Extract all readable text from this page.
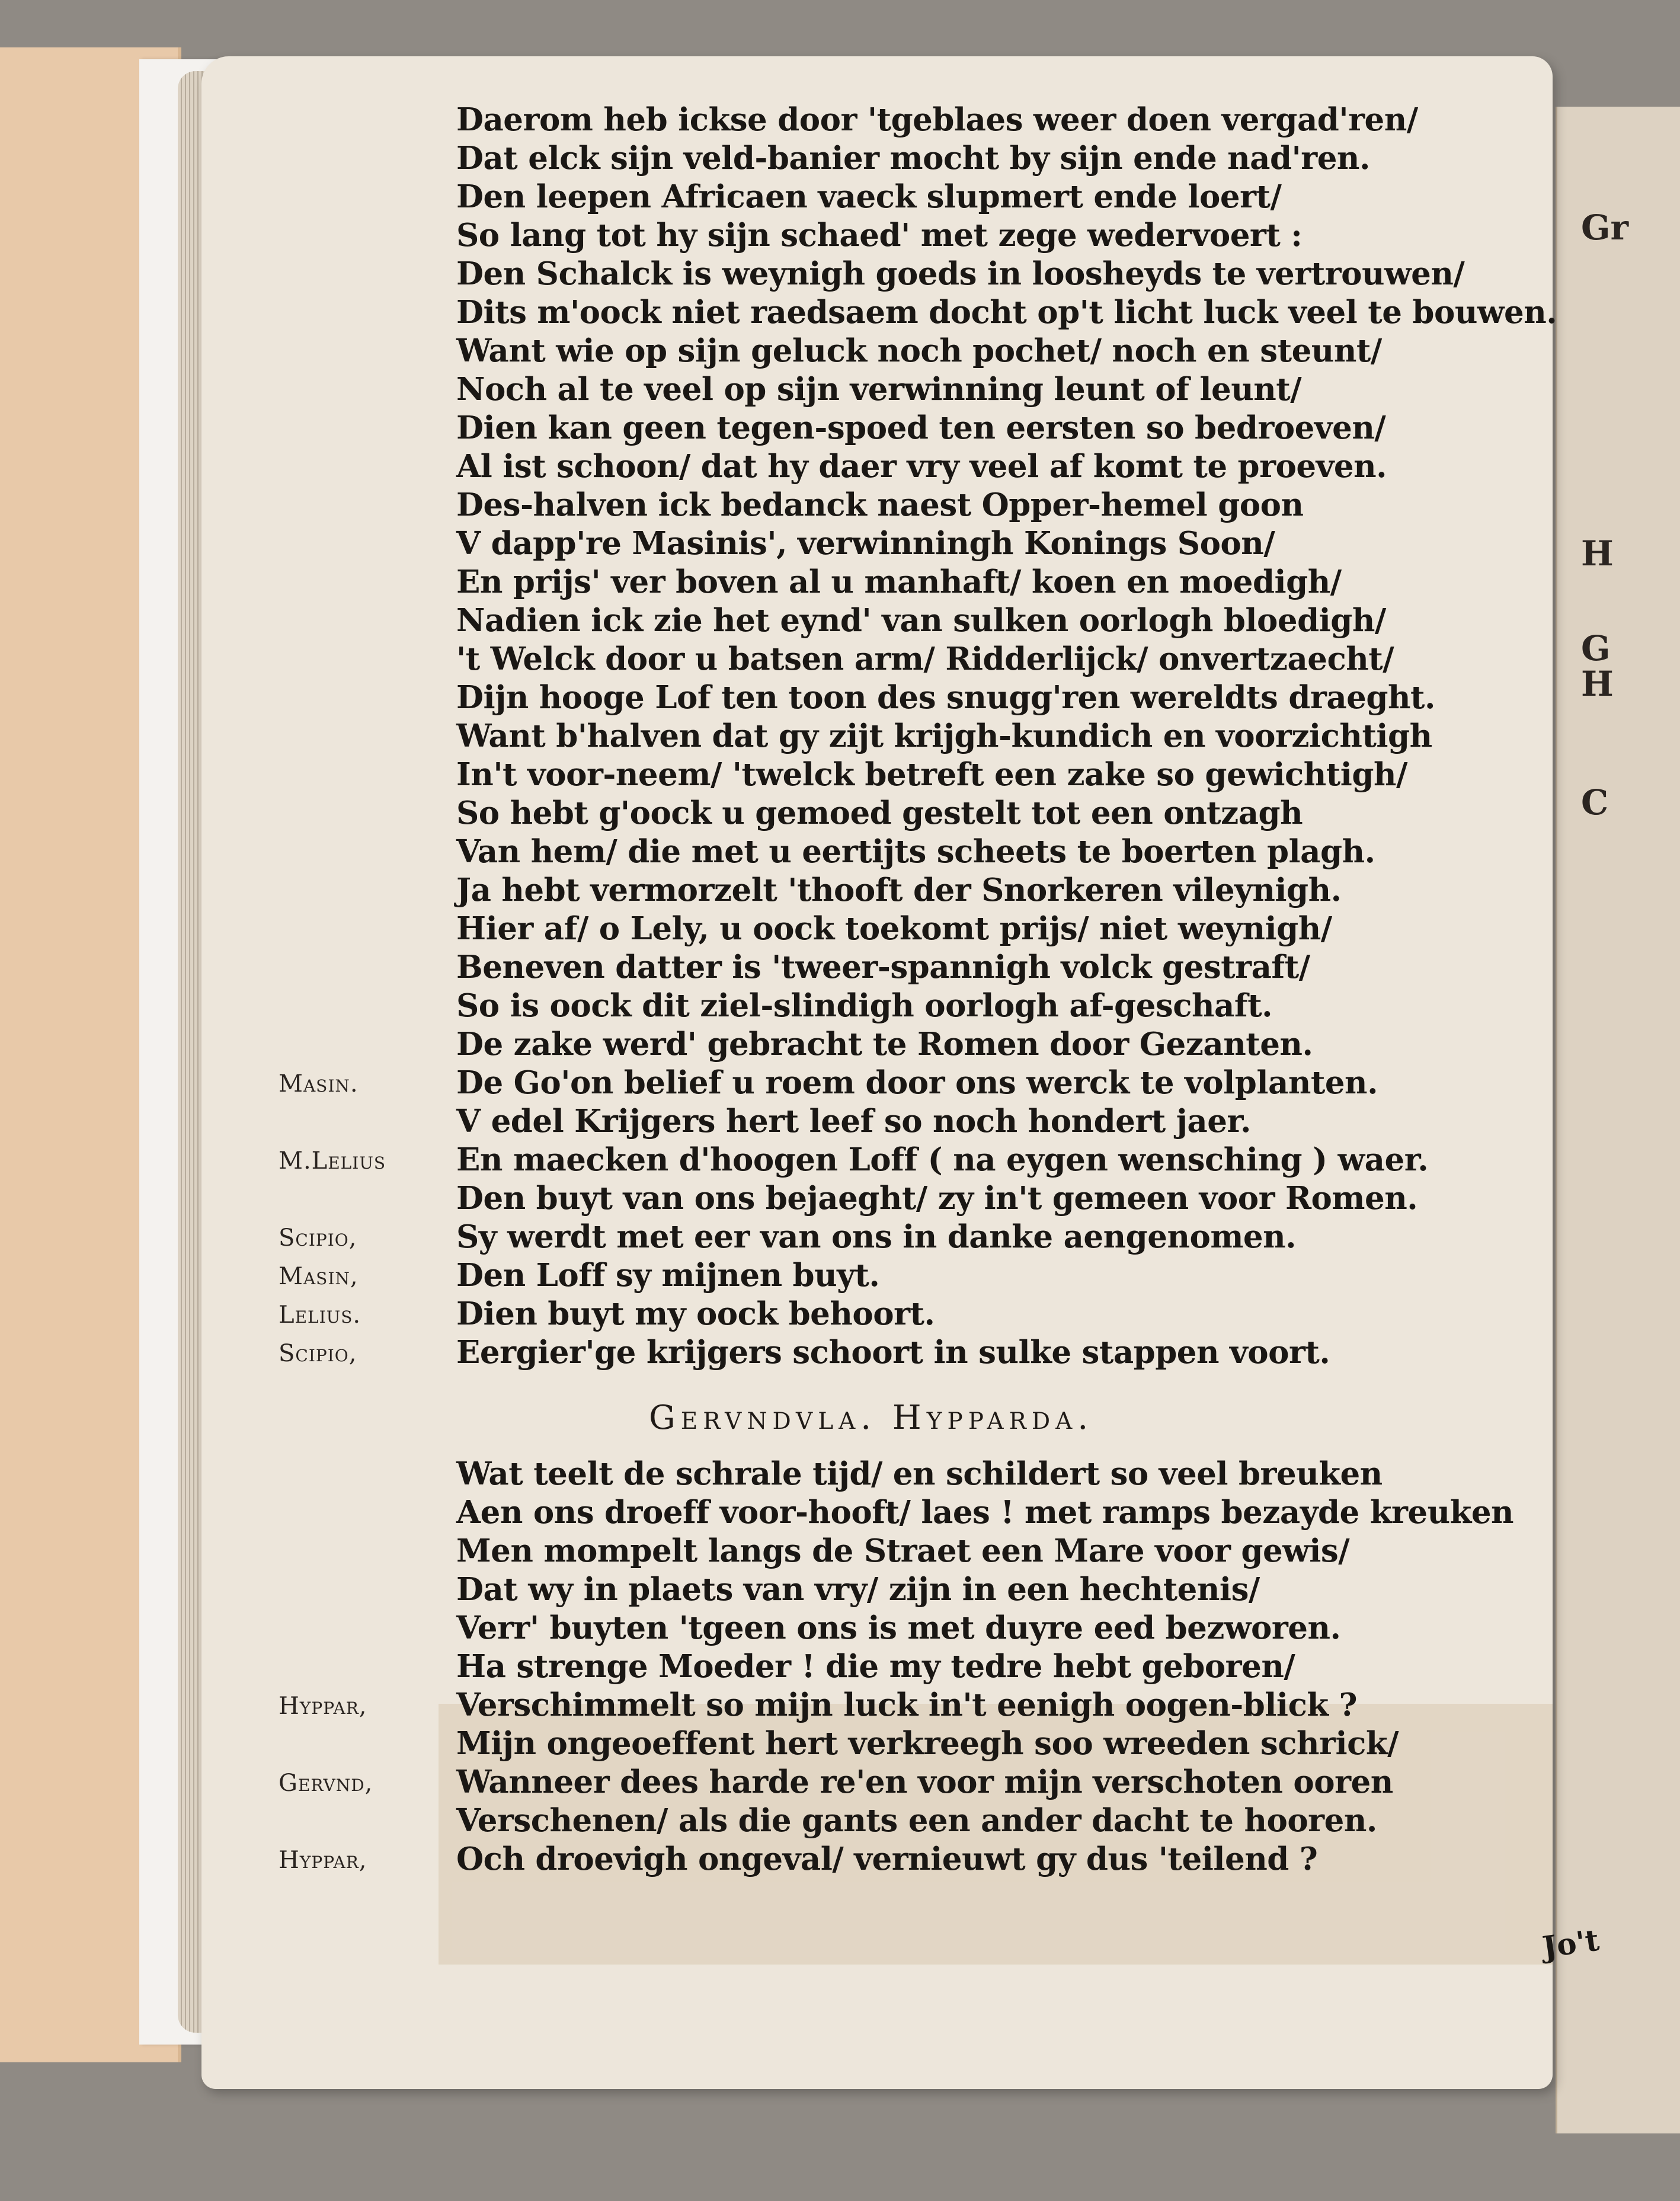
Gr
H
G
H
C
Daerom heb ickse door 'tgeblaes weer doen vergad'ren/
Dat elck sijn veld-banier mocht by sijn ende nad'ren.
Den leepen Africaen vaeck slupmert ende loert/
So lang tot hy sijn schaed' met zege wedervoert :
Den Schalck is weynigh goeds in loosheyds te vertrouwen/
Dits m'oock niet raedsaem docht op't licht luck veel te bouwen.
Want wie op sijn geluck noch pochet/ noch en steunt/
Noch al te veel op sijn verwinning leunt of leunt/
Dien kan geen tegen-spoed ten eersten so bedroeven/
Al ist schoon/ dat hy daer vry veel af komt te proeven.
Des-halven ick bedanck naest Opper-hemel goon
V dapp're Masinis', verwinningh Konings Soon/
En prijs' ver boven al u manhaft/ koen en moedigh/
Nadien ick zie het eynd' van sulken oorlogh bloedigh/
't Welck door u batsen arm/ Ridderlijck/ onvertzaecht/
Dijn hooge Lof ten toon des snugg'ren wereldts draeght.
Want b'halven dat gy zijt krijgh-kundich en voorzichtigh
In't voor-neem/ 'twelck betreft een zake so gewichtigh/
So hebt g'oock u gemoed gestelt tot een ontzagh
Van hem/ die met u eertijts scheets te boerten plagh.
Ja hebt vermorzelt 'thooft der Snorkeren vileynigh.
Hier af/ o Lely, u oock toekomt prijs/ niet weynigh/
Beneven datter is 'tweer-spannigh volck gestraft/
So is oock dit ziel-slindigh oorlogh af-geschaft.
De zake werd' gebracht te Romen door Gezanten.
Masin.	De Go'on belief u roem door ons werck te volplanten.
V edel Krijgers hert leef so noch hondert jaer.
M.Lelius	En maecken d'hoogen Loff ( na eygen wensching ) waer.
Den buyt van ons bejaeght/ zy in't gemeen voor Romen.
Scipio,	Sy werdt met eer van ons in danke aengenomen.
Masin,	Den Loff sy mijnen buyt.
Lelius.	Dien buyt my oock behoort.
Scipio,	Eergier'ge krijgers schoort in sulke stappen voort.
Gervndvla. Hypparda.
Wat teelt de schrale tijd/ en schildert so veel breuken
Aen ons droeff voor-hooft/ laes ! met ramps bezayde kreuken
Men mompelt langs de Straet een Mare voor gewis/
Dat wy in plaets van vry/ zijn in een hechtenis/
Verr' buyten 'tgeen ons is met duyre eed bezworen.
Ha strenge Moeder ! die my tedre hebt geboren/
Hyppar,	Verschimmelt so mijn luck in't eenigh oogen-blick ?
Mijn ongeoeffent hert verkreegh soo wreeden schrick/
Gervnd,	Wanneer dees harde re'en voor mijn verschoten ooren
Verschenen/ als die gants een ander dacht te hooren.
Hyppar,	Och droevigh ongeval/ vernieuwt gy dus 'teilend ?
Jo't
